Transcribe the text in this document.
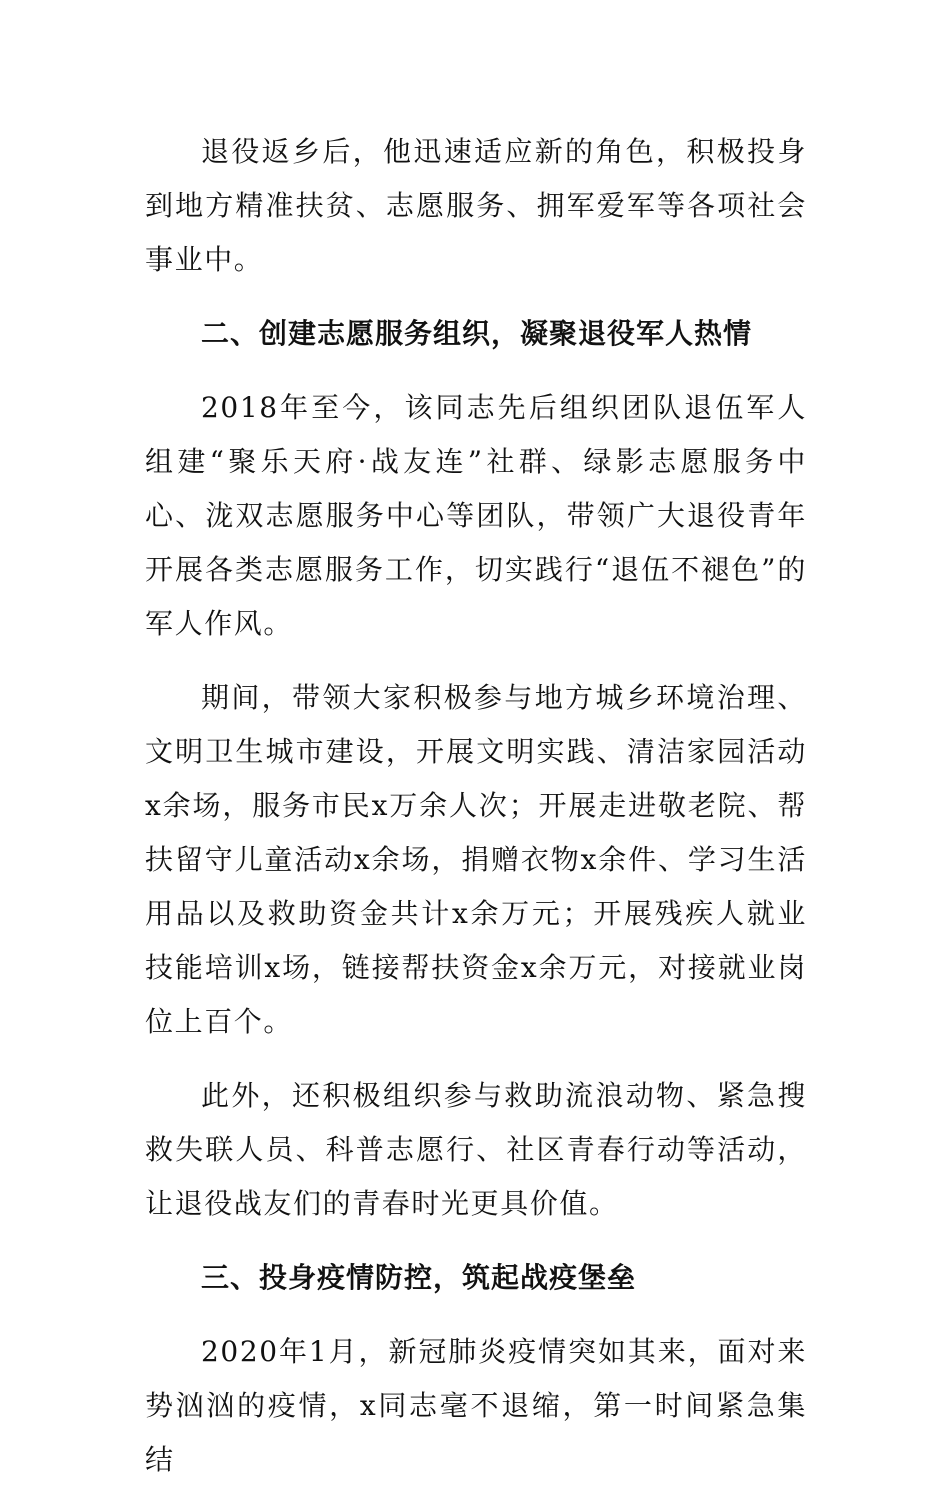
退役返乡后，他迅速适应新的角色，积极投身到地方精准扶贫、志愿服务、拥军爱军等各项社会事业中。

二、创建志愿服务组织，凝聚退役军人热情

2018年至今，该同志先后组织团队退伍军人组建“聚乐天府·战友连”社群、绿影志愿服务中心、泷双志愿服务中心等团队，带领广大退役青年开展各类志愿服务工作，切实践行“退伍不褪色”的军人作风。

期间，带领大家积极参与地方城乡环境治理、文明卫生城市建设，开展文明实践、清洁家园活动x余场，服务市民x万余人次；开展走进敬老院、帮扶留守儿童活动x余场，捐赠衣物x余件、学习生活用品以及救助资金共计x余万元；开展残疾人就业技能培训x场，链接帮扶资金x余万元，对接就业岗位上百个。

此外，还积极组织参与救助流浪动物、紧急搜救失联人员、科普志愿行、社区青春行动等活动，让退役战友们的青春时光更具价值。

三、投身疫情防控，筑起战疫堡垒

2020年1月，新冠肺炎疫情突如其来，面对来势汹汹的疫情，x同志毫不退缩，第一时间紧急集结
